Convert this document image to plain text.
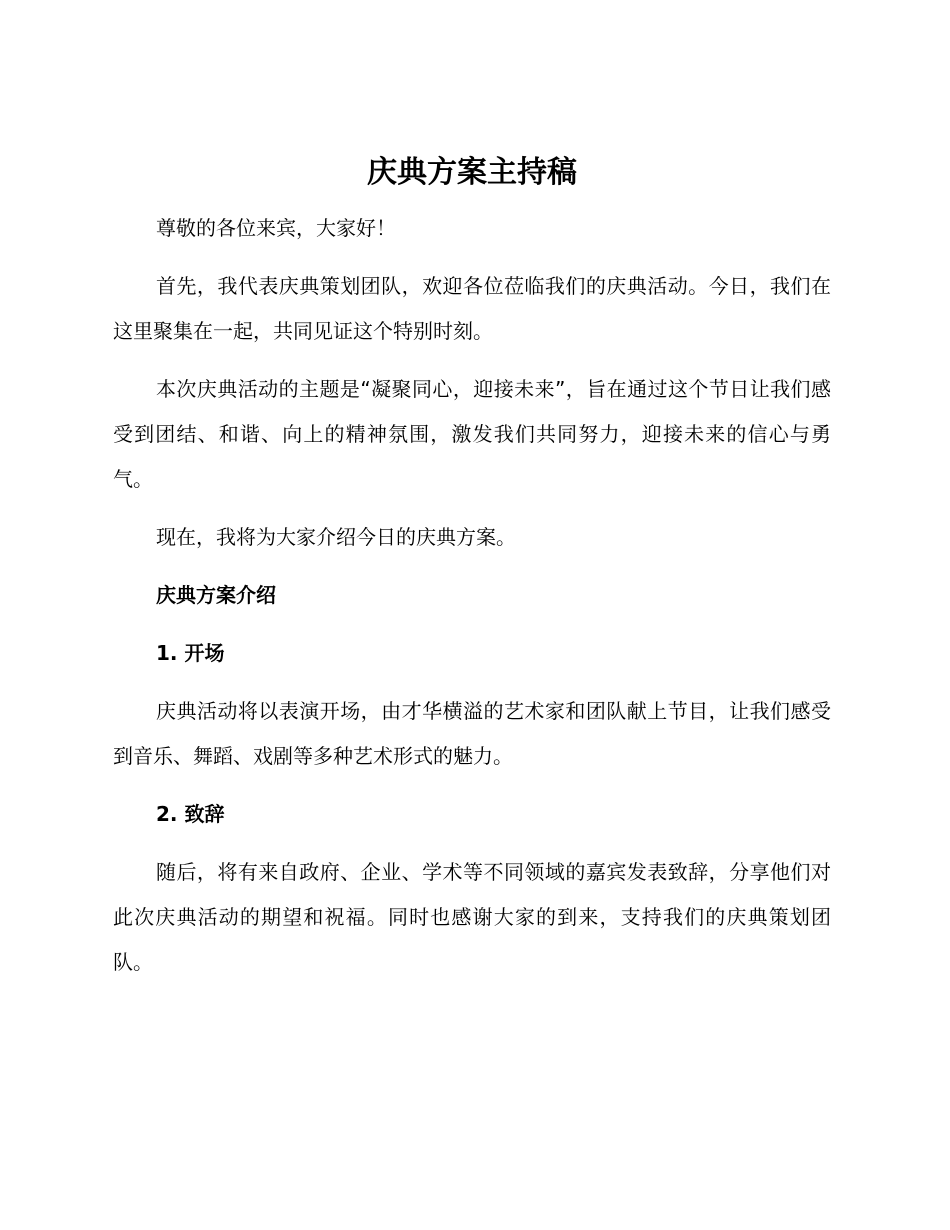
庆典方案主持稿

尊敬的各位来宾，大家好！

首先，我代表庆典策划团队，欢迎各位莅临我们的庆典活动。今日，我们在这里聚集在一起，共同见证这个特别时刻。

本次庆典活动的主题是“凝聚同心，迎接未来”，旨在通过这个节日让我们感受到团结、和谐、向上的精神氛围，激发我们共同努力，迎接未来的信心与勇气。

现在，我将为大家介绍今日的庆典方案。

庆典方案介绍

1. 开场

庆典活动将以表演开场，由才华横溢的艺术家和团队献上节目，让我们感受到音乐、舞蹈、戏剧等多种艺术形式的魅力。

2. 致辞

随后，将有来自政府、企业、学术等不同领域的嘉宾发表致辞，分享他们对此次庆典活动的期望和祝福。同时也感谢大家的到来，支持我们的庆典策划团队。
